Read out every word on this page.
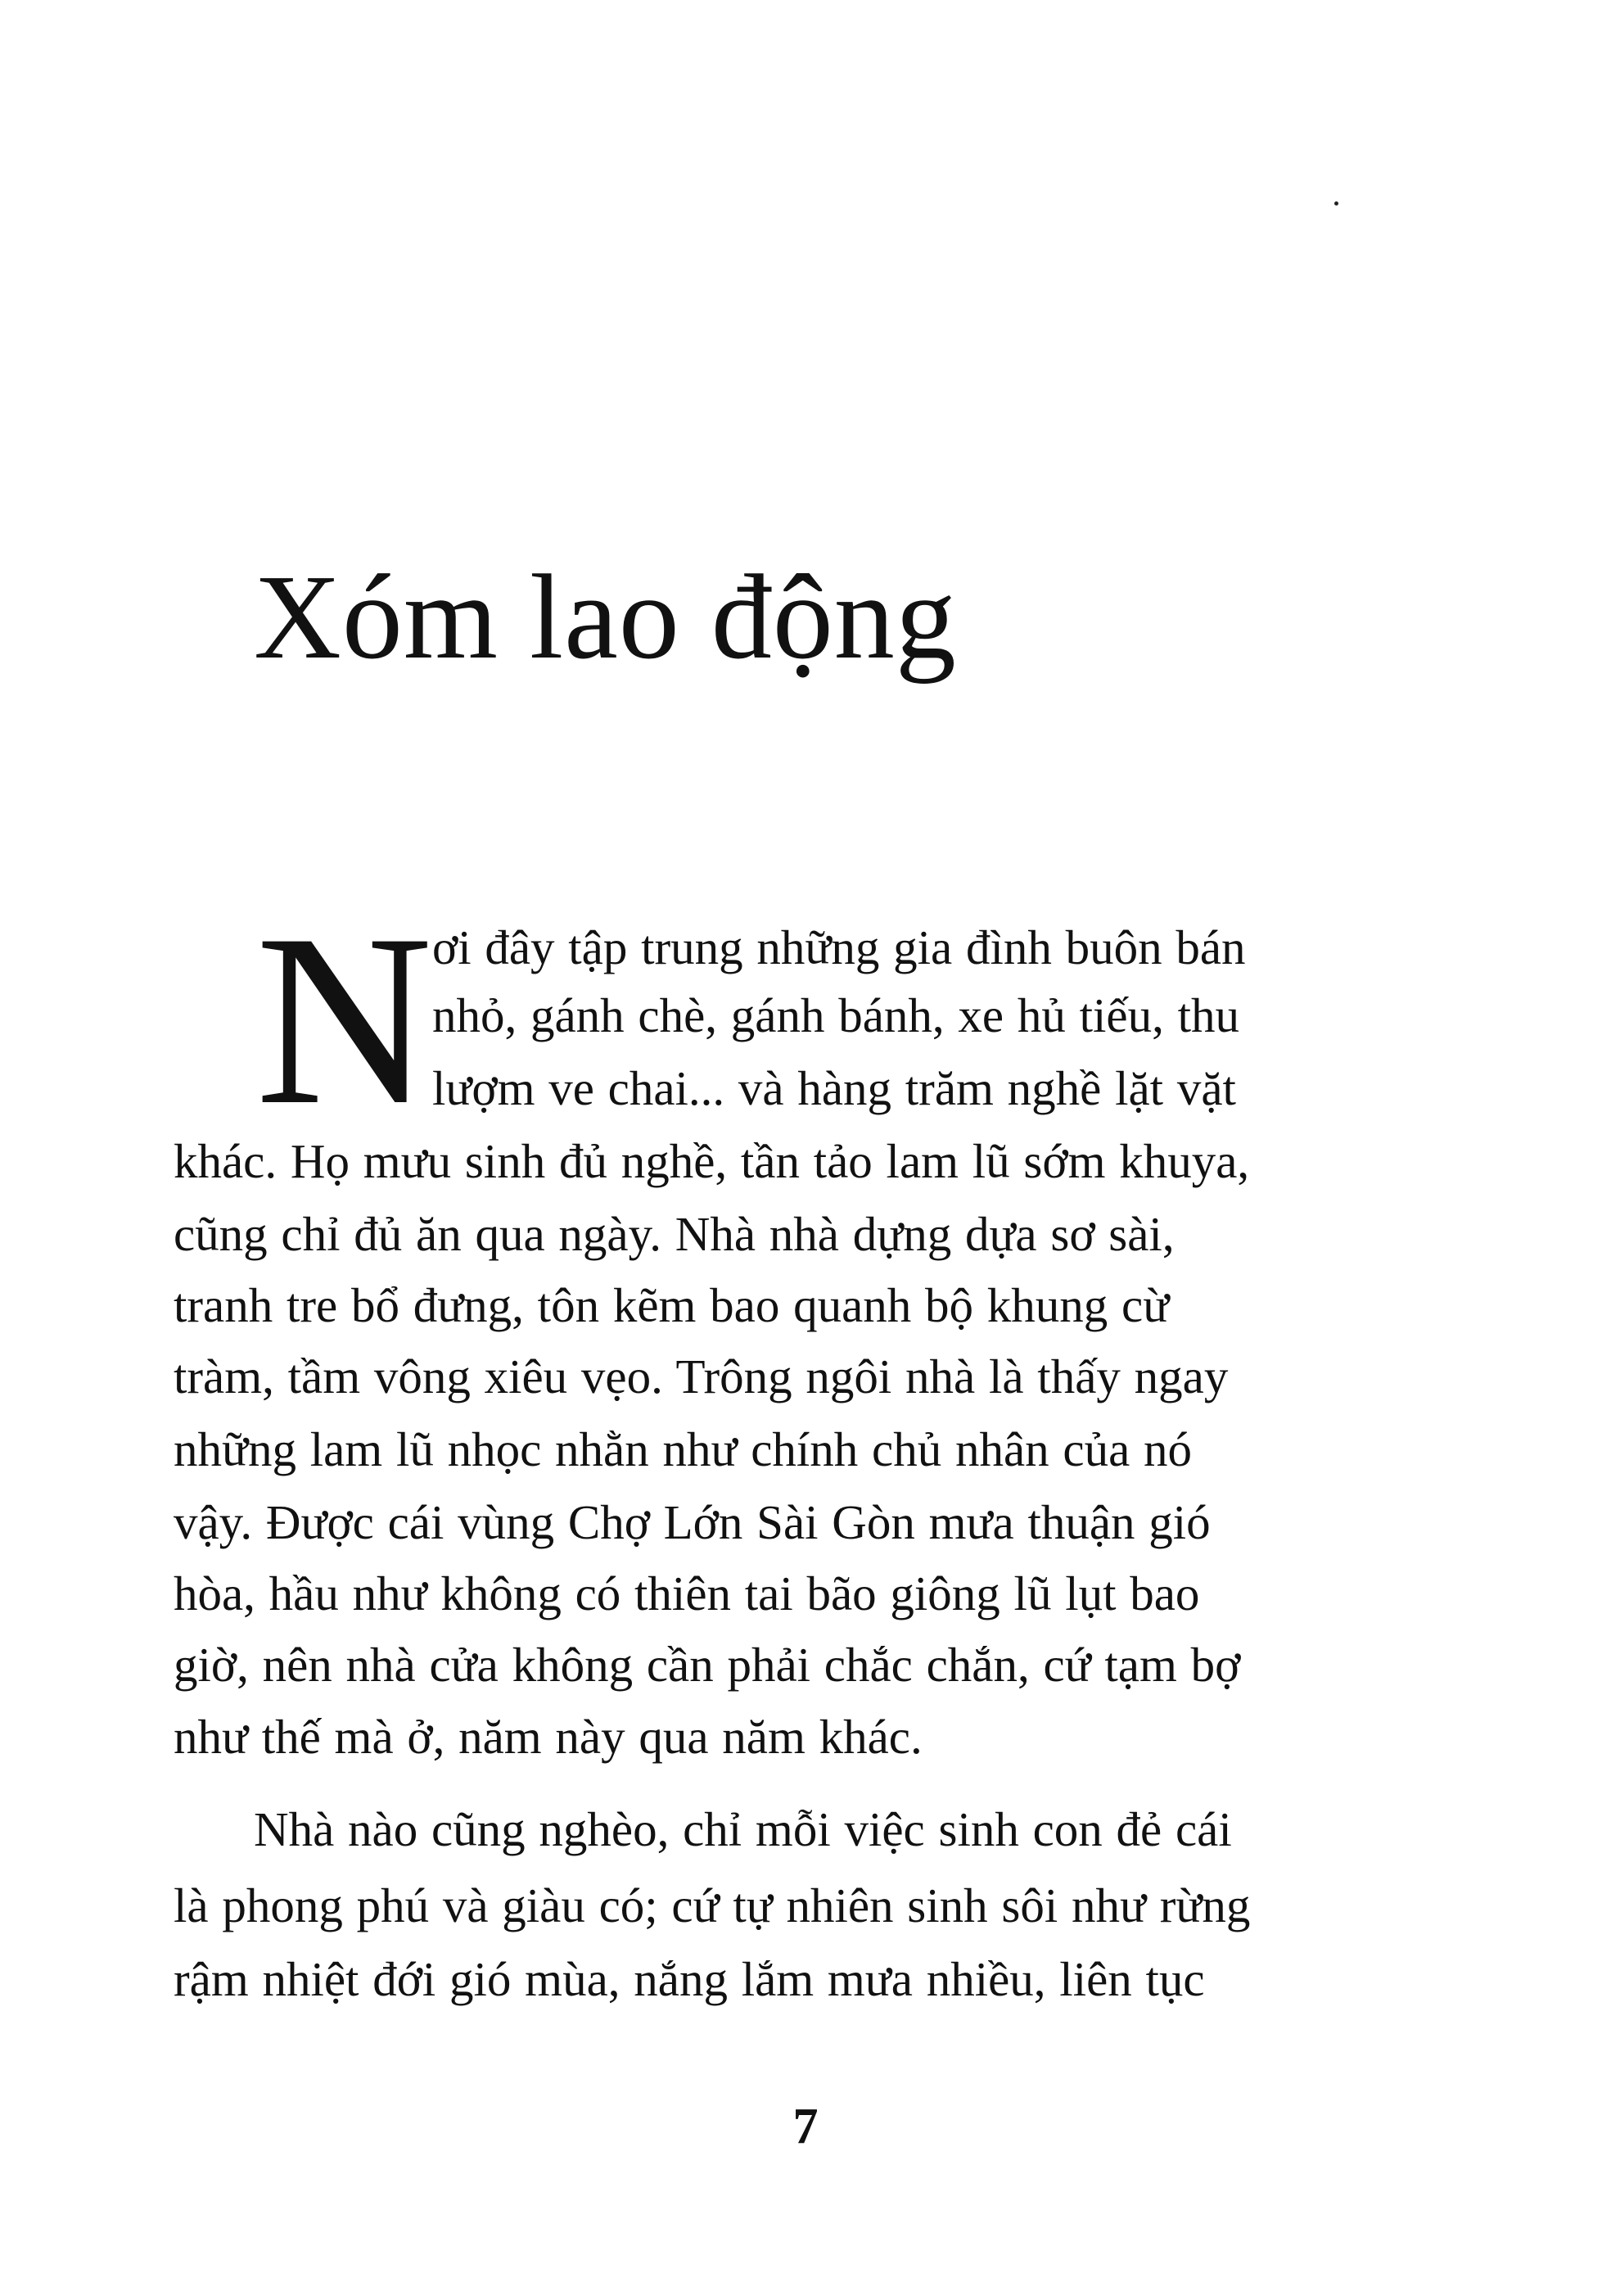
Xóm lao động
N ơi đây tập trung những gia đình buôn bán
nhỏ, gánh chè, gánh bánh, xe hủ tiếu, thu
lượm ve chai... và hàng trăm nghề lặt vặt
khác. Họ mưu sinh đủ nghề, tần tảo lam lũ sớm khuya,
cũng chỉ đủ ăn qua ngày. Nhà nhà dựng dựa sơ sài,
tranh tre bổ đưng, tôn kẽm bao quanh bộ khung cừ
tràm, tầm vông xiêu vẹo. Trông ngôi nhà là thấy ngay
những lam lũ nhọc nhằn như chính chủ nhân của nó
vậy. Được cái vùng Chợ Lớn Sài Gòn mưa thuận gió
hòa, hầu như không có thiên tai bão giông lũ lụt bao
giờ, nên nhà cửa không cần phải chắc chắn, cứ tạm bợ
như thế mà ở, năm này qua năm khác.
Nhà nào cũng nghèo, chỉ mỗi việc sinh con đẻ cái
là phong phú và giàu có; cứ tự nhiên sinh sôi như rừng
rậm nhiệt đới gió mùa, nắng lắm mưa nhiều, liên tục
7
